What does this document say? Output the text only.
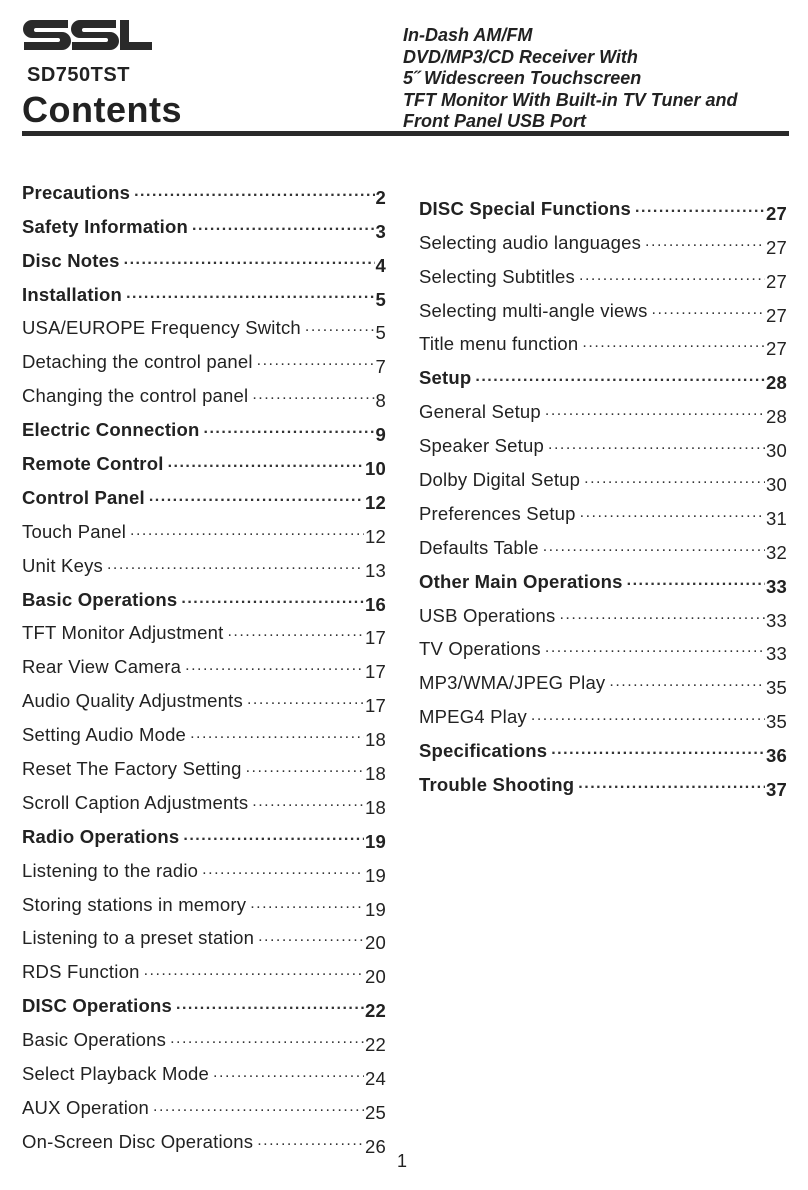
SD750TST
Contents
In-Dash AM/FM
DVD/MP3/CD Receiver With
5˝ Widescreen Touchscreen
TFT Monitor With Built-in TV Tuner and
Front Panel USB Port
Precautions .....	2
Safety Information .....	3
Disc Notes .....	4
Installation .....	5
USA/EUROPE Frequency Switch .....	5
Detaching the control panel .....	7
Changing the control panel .....	8
Electric Connection .....	9
Remote Control .....	10
Control Panel .....	12
Touch Panel .....	12
Unit Keys .....	13
Basic Operations .....	16
TFT Monitor Adjustment .....	17
Rear View Camera .....	17
Audio Quality Adjustments .....	17
Setting Audio Mode .....	18
Reset The Factory Setting .....	18
Scroll Caption Adjustments .....	18
Radio Operations .....	19
Listening to the radio .....	19
Storing stations in memory .....	19
Listening to a preset station .....	20
RDS Function .....	20
DISC Operations .....	22
Basic Operations .....	22
Select Playback Mode .....	24
AUX Operation .....	25
On-Screen Disc Operations .....	26
DISC Special Functions .....	27
Selecting audio languages .....	27
Selecting Subtitles .....	27
Selecting multi-angle views .....	27
Title menu function .....	27
Setup .....	28
General Setup .....	28
Speaker Setup .....	30
Dolby Digital Setup .....	30
Preferences Setup .....	31
Defaults Table .....	32
Other Main Operations .....	33
USB Operations .....	33
TV Operations .....	33
MP3/WMA/JPEG Play .....	35
MPEG4 Play .....	35
Specifications .....	36
Trouble Shooting .....	37
1
